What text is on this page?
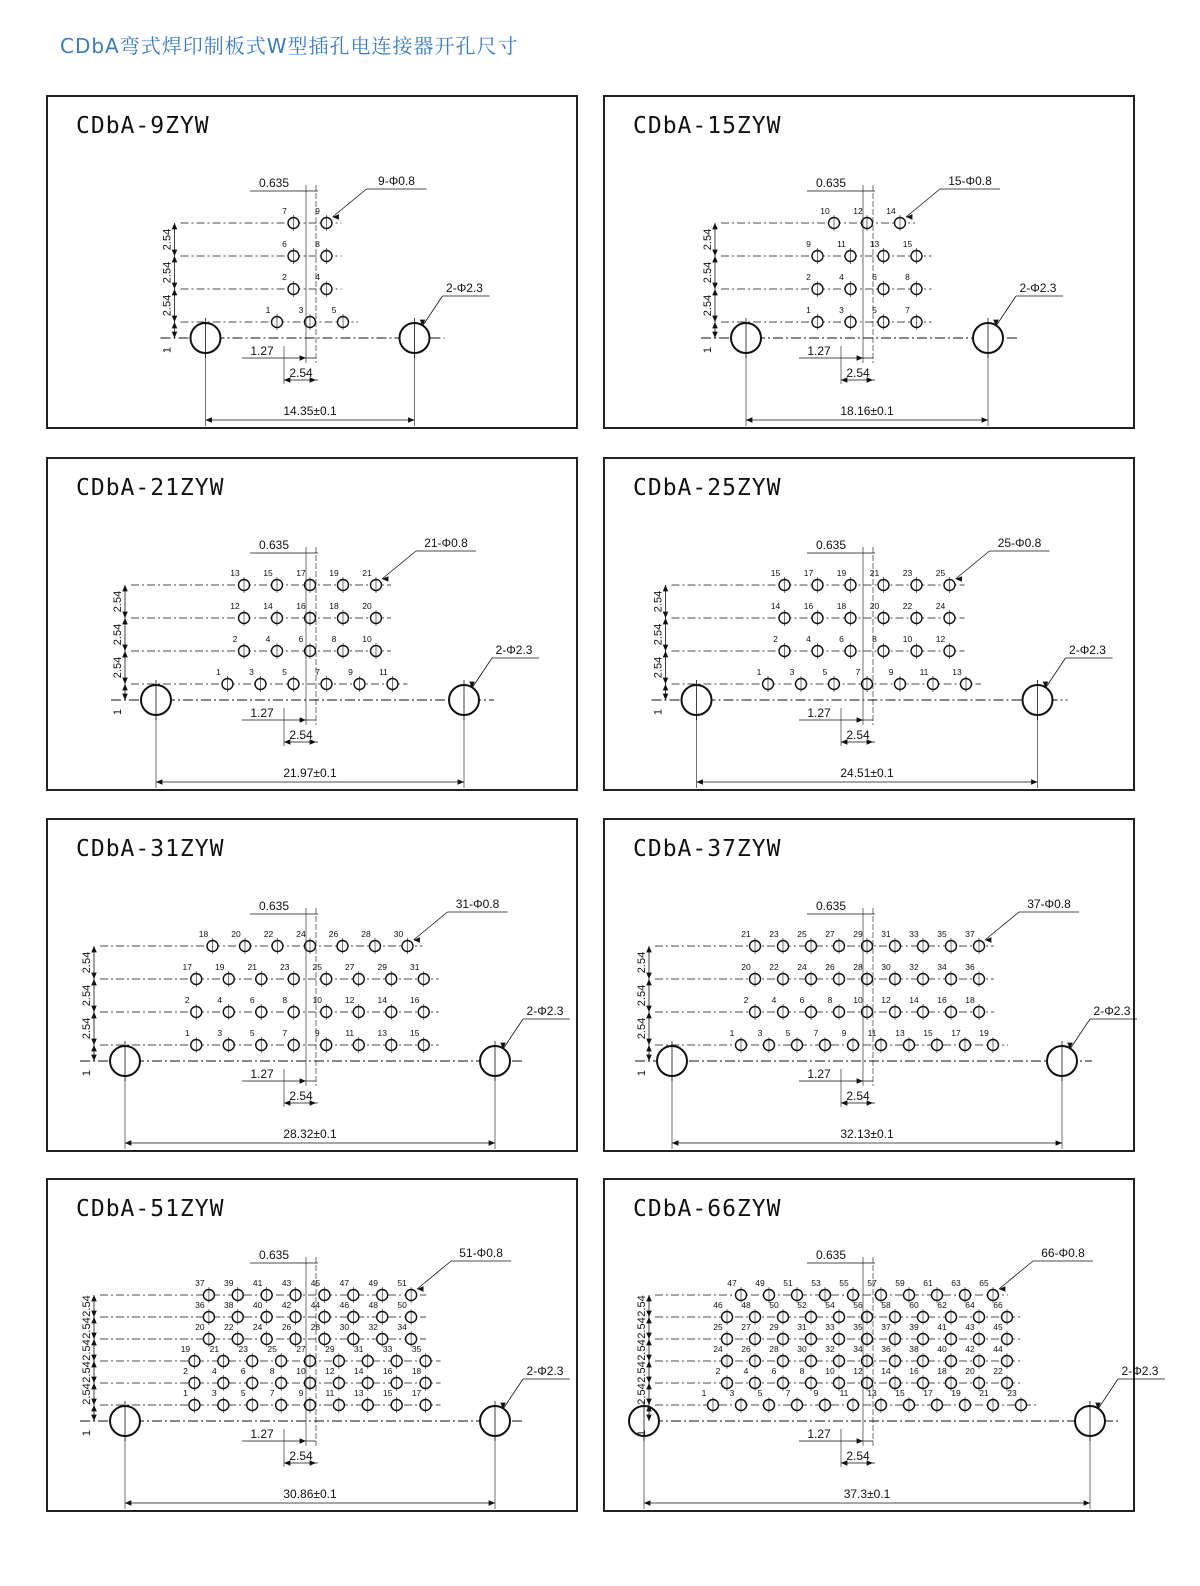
CDbA弯式焊印制板式W型插孔电连接器开孔尺寸
CDbA-9ZYW
7	9
6	8
2	4
1	3	5
2.54
2.54
2.54
1
0.635	9-Φ0.8
2-Φ2.3
1.27
2.54
14.35±0.1
CDbA-15ZYW
10	12	14
9	11	13	15
2	4	6	8
1	3	5	7
2.54
2.54
2.54
1
0.635	15-Φ0.8
2-Φ2.3
1.27
2.54
18.16±0.1
CDbA-21ZYW
13	15	17	19	21
12	14	16	18	20
2	4	6	8	10
1	3	5	7	9	11
2.54
2.54
2.54
1
0.635	21-Φ0.8
2-Φ2.3
1.27
2.54
21.97±0.1
CDbA-25ZYW
15	17	19	21	23	25
14	16	18	20	22	24
2	4	6	8	10	12
1	3	5	7	9	11	13
2.54
2.54
2.54
1
0.635	25-Φ0.8
2-Φ2.3
1.27
2.54
24.51±0.1
CDbA-31ZYW
18	20	22	24	26	28	30
17	19	21	23	25	27	29	31
2	4	6	8	10	12	14	16
1	3	5	7	9	11	13	15
2.54
2.54
2.54
1
0.635	31-Φ0.8
2-Φ2.3
1.27
2.54
28.32±0.1
CDbA-37ZYW
21 23 25 27 29 31 33 35 37
20 22 24 26 28 30 32 34 36
2	4	6	8 10 12 14 16 18
1	3	5	7	9 11 13 15 17 19
2.54
2.54
2.54
1
0.635	37-Φ0.8
2-Φ2.3
1.27
2.54
32.13±0.1
CDbA-51ZYW
37 39 41 43 45 47 49 51
36 38 40 42 44 46 48 50
20 22 24 26 28 30 32 34
19 21 23 25 27 29 31 33 35
2	4	6	8	10 12 14 16 18
1	3	5	7	9	11 13 15 17
2.54
2.54
2.54
2.54
2.54
1
0.635	51-Φ0.8
2-Φ2.3
1.27
2.54
30.86±0.1
CDbA-66ZYW
47 49 51 53 55 57 59 61 63 65
46 48 50 52 54 56 58 60 62 64 66
25 27 29 31 33 35 37 39 41 43 45
24 26 28 30 32 34 36 38 40 42 44
2	4	6	8 10 12 14 16 18 20 22
1	3	5	7	9 11 13 15 17 19 21 23
2.54
2.54
2.54
2.54
2.54
1
0.635	66-Φ0.8
2-Φ2.3
1.27
2.54
37.3±0.1
